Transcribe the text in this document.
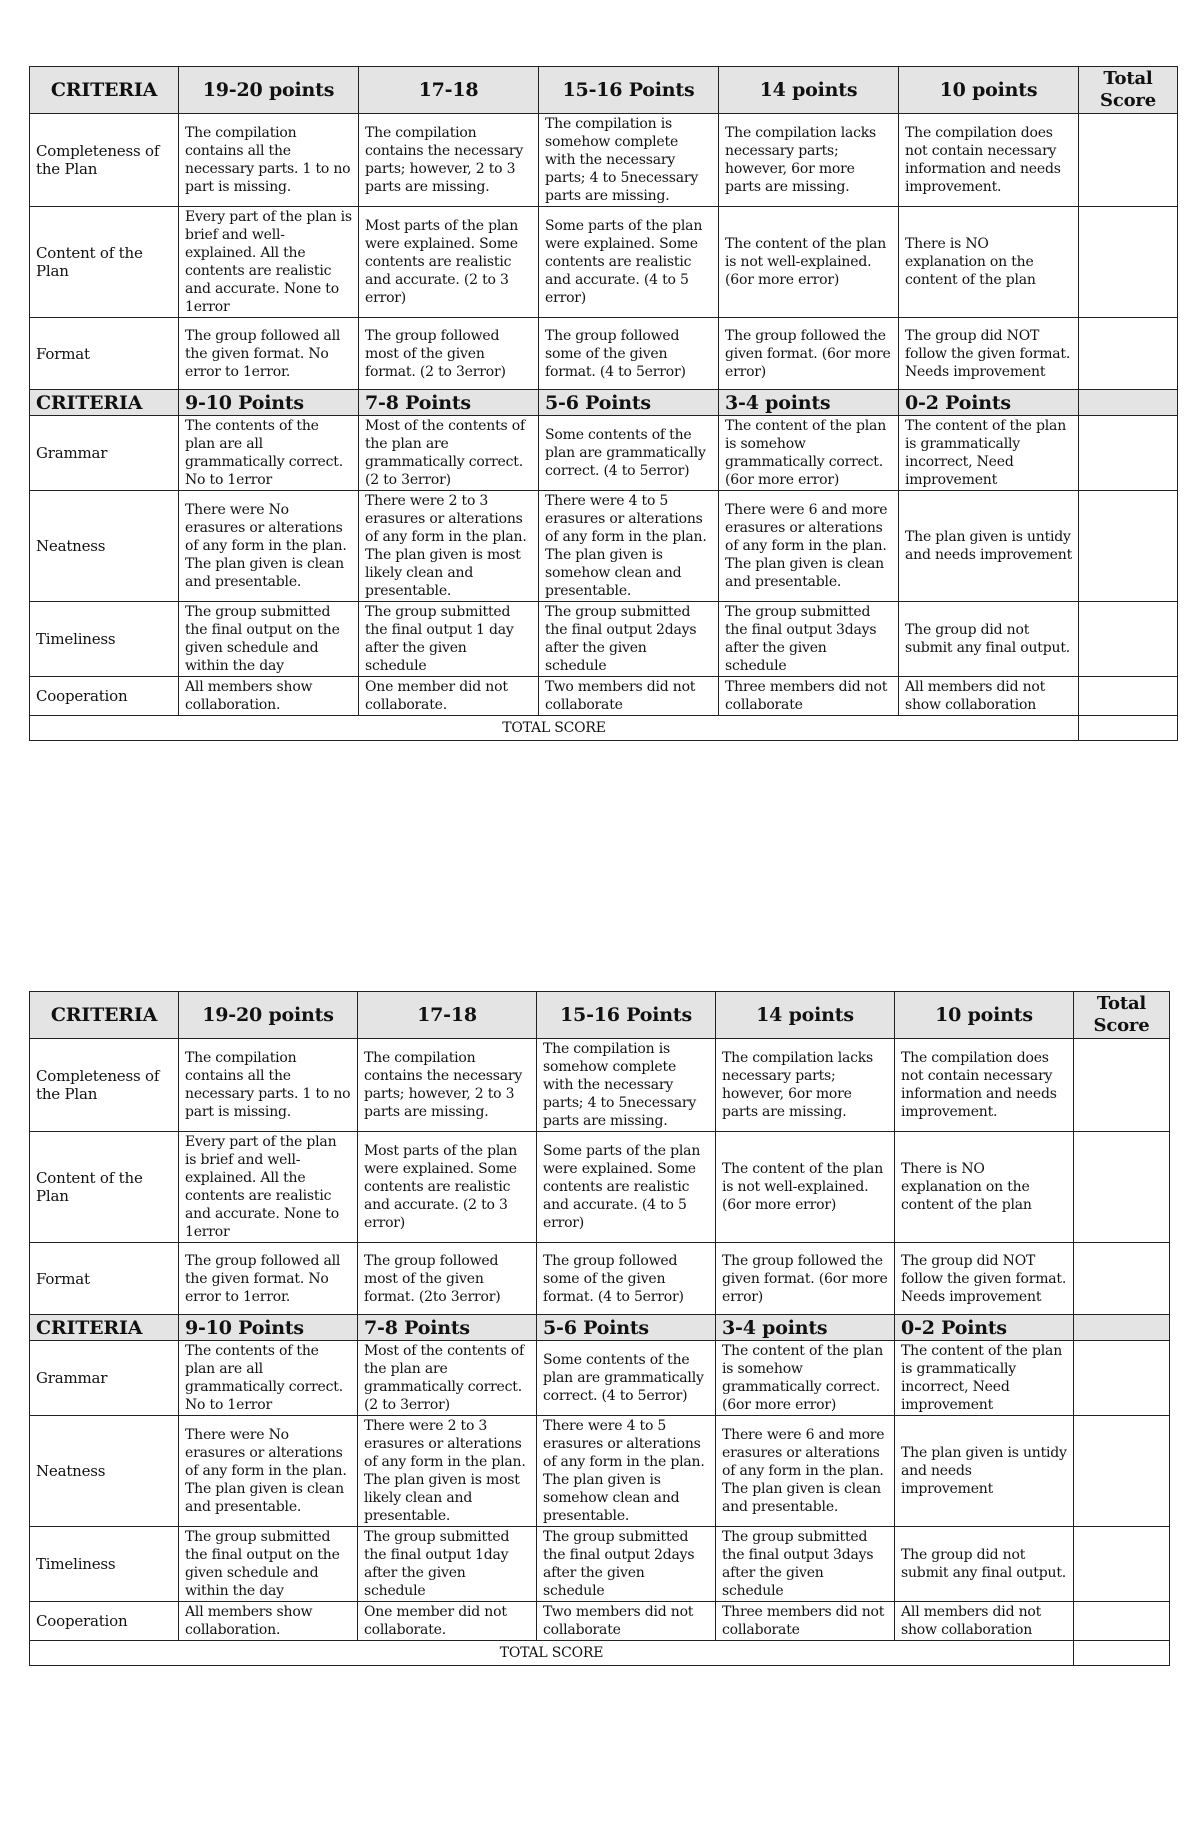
CRITERIA	19-20 points	17-18	15-16 Points	14 points	10 points	Total Score
Completeness of the Plan	The compilation contains all the necessary parts. 1 to no part is missing.	The compilation contains the necessary parts; however, 2 to 3 parts are missing.	The compilation is somehow complete with the necessary parts; 4 to 5necessary parts are missing.	The compilation lacks necessary parts; however, 6or more parts are missing.	The compilation does not contain necessary information and needs improvement.	
Content of the Plan	Every part of the plan is brief and well-explained. All the contents are realistic and accurate. None to 1error	Most parts of the plan were explained. Some contents are realistic and accurate. (2 to 3 error)	Some parts of the plan were explained. Some contents are realistic and accurate. (4 to 5 error)	The content of the plan is not well-explained. (6or more error)	There is NO explanation on the content of the plan	
Format	The group followed all the given format. No error to 1error.	The group followed most of the given format. (2 to 3error)	The group followed some of the given format. (4 to 5error)	The group followed the given format. (6or more error)	The group did NOT follow the given format. Needs improvement	
CRITERIA	9-10 Points	7-8 Points	5-6 Points	3-4 points	0-2 Points	
Grammar	The contents of the plan are all grammatically correct. No to 1error	Most of the contents of the plan are grammatically correct. (2 to 3error)	Some contents of the plan are grammatically correct. (4 to 5error)	The content of the plan is somehow grammatically correct. (6or more error)	The content of the plan is grammatically incorrect, Need improvement	
Neatness	There were No erasures or alterations of any form in the plan. The plan given is clean and presentable.	There were 2 to 3 erasures or alterations of any form in the plan. The plan given is most likely clean and presentable.	There were 4 to 5 erasures or alterations of any form in the plan. The plan given is somehow clean and presentable.	There were 6 and more erasures or alterations of any form in the plan. The plan given is clean and presentable.	The plan given is untidy and needs improvement	
Timeliness	The group submitted the final output on the given schedule and within the day	The group submitted the final output 1 day after the given schedule	The group submitted the final output 2days after the given schedule	The group submitted the final output 3days after the given schedule	The group did not submit any final output.	
Cooperation	All members show collaboration.	One member did not collaborate.	Two members did not collaborate	Three members did not collaborate	All members did not show collaboration	
TOTAL SCORE						
CRITERIA	19-20 points	17-18	15-16 Points	14 points	10 points	Total Score
Completeness of the Plan	The compilation contains all the necessary parts. 1 to no part is missing.	The compilation contains the necessary parts; however, 2 to 3 parts are missing.	The compilation is somehow complete with the necessary parts; 4 to 5necessary parts are missing.	The compilation lacks necessary parts; however, 6or more parts are missing.	The compilation does not contain necessary information and needs improvement.	
Content of the Plan	Every part of the plan is brief and well-explained. All the contents are realistic and accurate. None to 1error	Most parts of the plan were explained. Some contents are realistic and accurate. (2 to 3 error)	Some parts of the plan were explained. Some contents are realistic and accurate. (4 to 5 error)	The content of the plan is not well-explained. (6or more error)	There is NO explanation on the content of the plan	
Format	The group followed all the given format. No error to 1error.	The group followed most of the given format. (2to 3error)	The group followed some of the given format. (4 to 5error)	The group followed the given format. (6or more error)	The group did NOT follow the given format. Needs improvement	
CRITERIA	9-10 Points	7-8 Points	5-6 Points	3-4 points	0-2 Points	
Grammar	The contents of the plan are all grammatically correct. No to 1error	Most of the contents of the plan are grammatically correct. (2 to 3error)	Some contents of the plan are grammatically correct. (4 to 5error)	The content of the plan is somehow grammatically correct. (6or more error)	The content of the plan is grammatically incorrect, Need improvement	
Neatness	There were No erasures or alterations of any form in the plan. The plan given is clean and presentable.	There were 2 to 3 erasures or alterations of any form in the plan. The plan given is most likely clean and presentable.	There were 4 to 5 erasures or alterations of any form in the plan. The plan given is somehow clean and presentable.	There were 6 and more erasures or alterations of any form in the plan. The plan given is clean and presentable.	The plan given is untidy and needs improvement	
Timeliness	The group submitted the final output on the given schedule and within the day	The group submitted the final output 1day after the given schedule	The group submitted the final output 2days after the given schedule	The group submitted the final output 3days after the given schedule	The group did not submit any final output.	
Cooperation	All members show collaboration.	One member did not collaborate.	Two members did not collaborate	Three members did not collaborate	All members did not show collaboration	
TOTAL SCORE						
